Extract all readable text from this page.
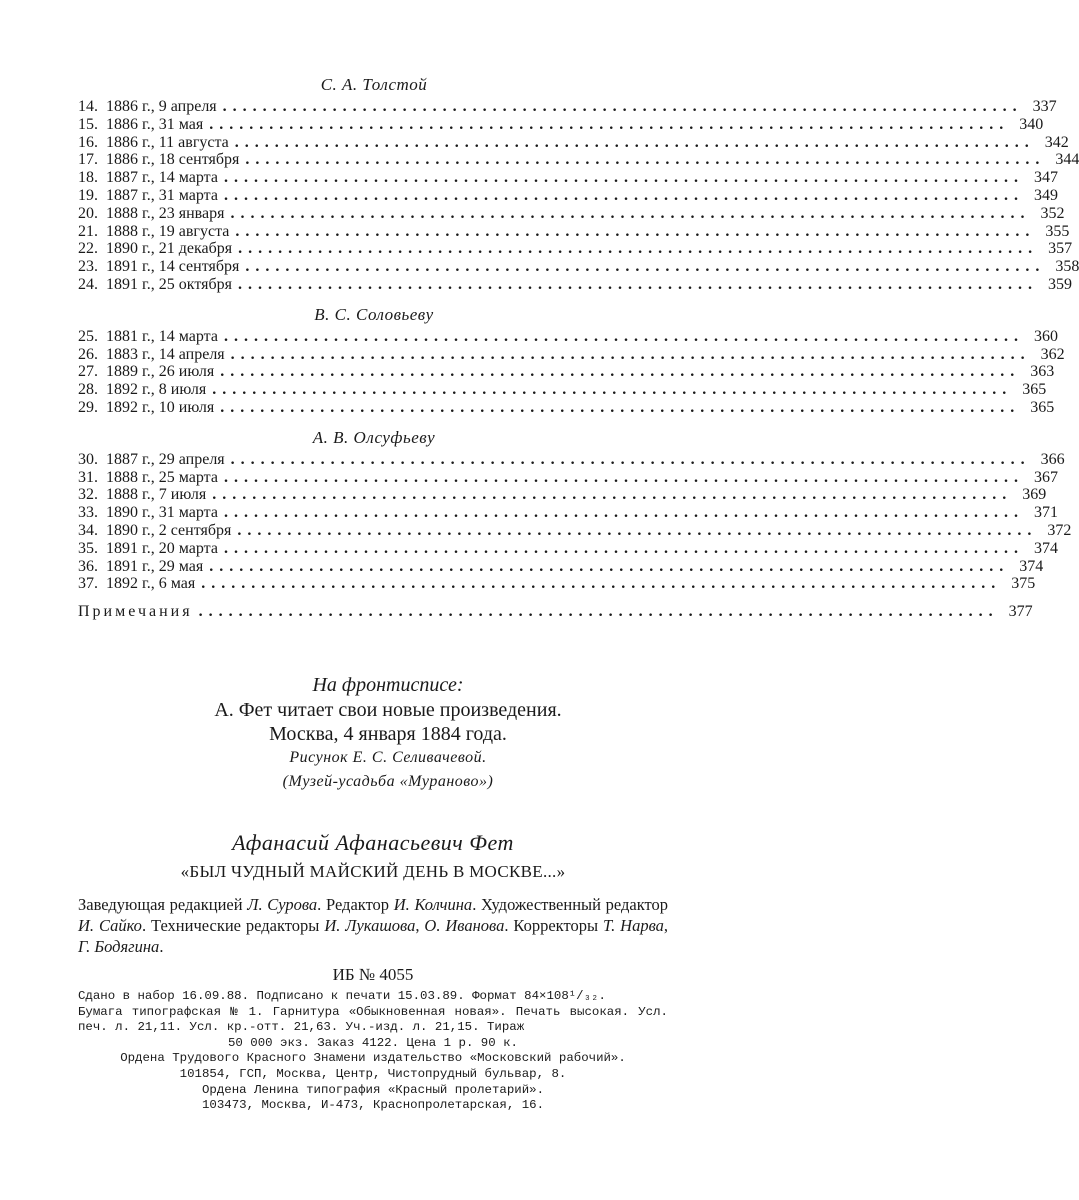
С. А. Толстой
14. 1886 г., 9 апреля ................................................................................ 337
15. 1886 г., 31 мая ................................................................................ 340
16. 1886 г., 11 августа ................................................................................ 342
17. 1886 г., 18 сентября ................................................................................ 344
18. 1887 г., 14 марта ................................................................................ 347
19. 1887 г., 31 марта ................................................................................ 349
20. 1888 г., 23 января ................................................................................ 352
21. 1888 г., 19 августа ................................................................................ 355
22. 1890 г., 21 декабря ................................................................................ 357
23. 1891 г., 14 сентября ................................................................................ 358
24. 1891 г., 25 октября ................................................................................ 359
В. С. Соловьеву
25. 1881 г., 14 марта ................................................................................ 360
26. 1883 г., 14 апреля ................................................................................ 362
27. 1889 г., 26 июля ................................................................................ 363
28. 1892 г., 8 июля ................................................................................ 365
29. 1892 г., 10 июля ................................................................................ 365
А. В. Олсуфьеву
30. 1887 г., 29 апреля ................................................................................ 366
31. 1888 г., 25 марта ................................................................................ 367
32. 1888 г., 7 июля ................................................................................ 369
33. 1890 г., 31 марта ................................................................................ 371
34. 1890 г., 2 сентября ................................................................................ 372
35. 1891 г., 20 марта ................................................................................ 374
36. 1891 г., 29 мая ................................................................................ 374
37. 1892 г., 6 мая ................................................................................ 375
Примечания ................................................................................ 377
На фронтисписе:
А. Фет читает свои новые произведения.
Москва, 4 января 1884 года.
Рисунок Е. С. Селивачевой.
(Музей-усадьба «Мураново»)
Афанасий Афанасьевич Фет
«БЫЛ ЧУДНЫЙ МАЙСКИЙ ДЕНЬ В МОСКВЕ...»
Заведующая редакцией Л. Сурова. Редактор И. Колчина. Художественный редактор И. Сайко. Технические редакторы И. Лукашова, О. Иванова. Корректоры Т. Нарва, Г. Бодягина.
ИБ № 4055
Сдано в набор 16.09.88. Подписано к печати 15.03.89. Формат 84×108¹/₃₂.
Бумага типографская № 1. Гарнитура «Обыкновенная новая». Печать высокая. Усл. печ. л. 21,11. Усл. кр.-отт. 21,63. Уч.-изд. л. 21,15. Тираж
50 000 экз. Заказ 4122. Цена 1 р. 90 к.
Ордена Трудового Красного Знамени издательство «Московский рабочий».
101854, ГСП, Москва, Центр, Чистопрудный бульвар, 8.
Ордена Ленина типография «Красный пролетарий».
103473, Москва, И-473, Краснопролетарская, 16.
